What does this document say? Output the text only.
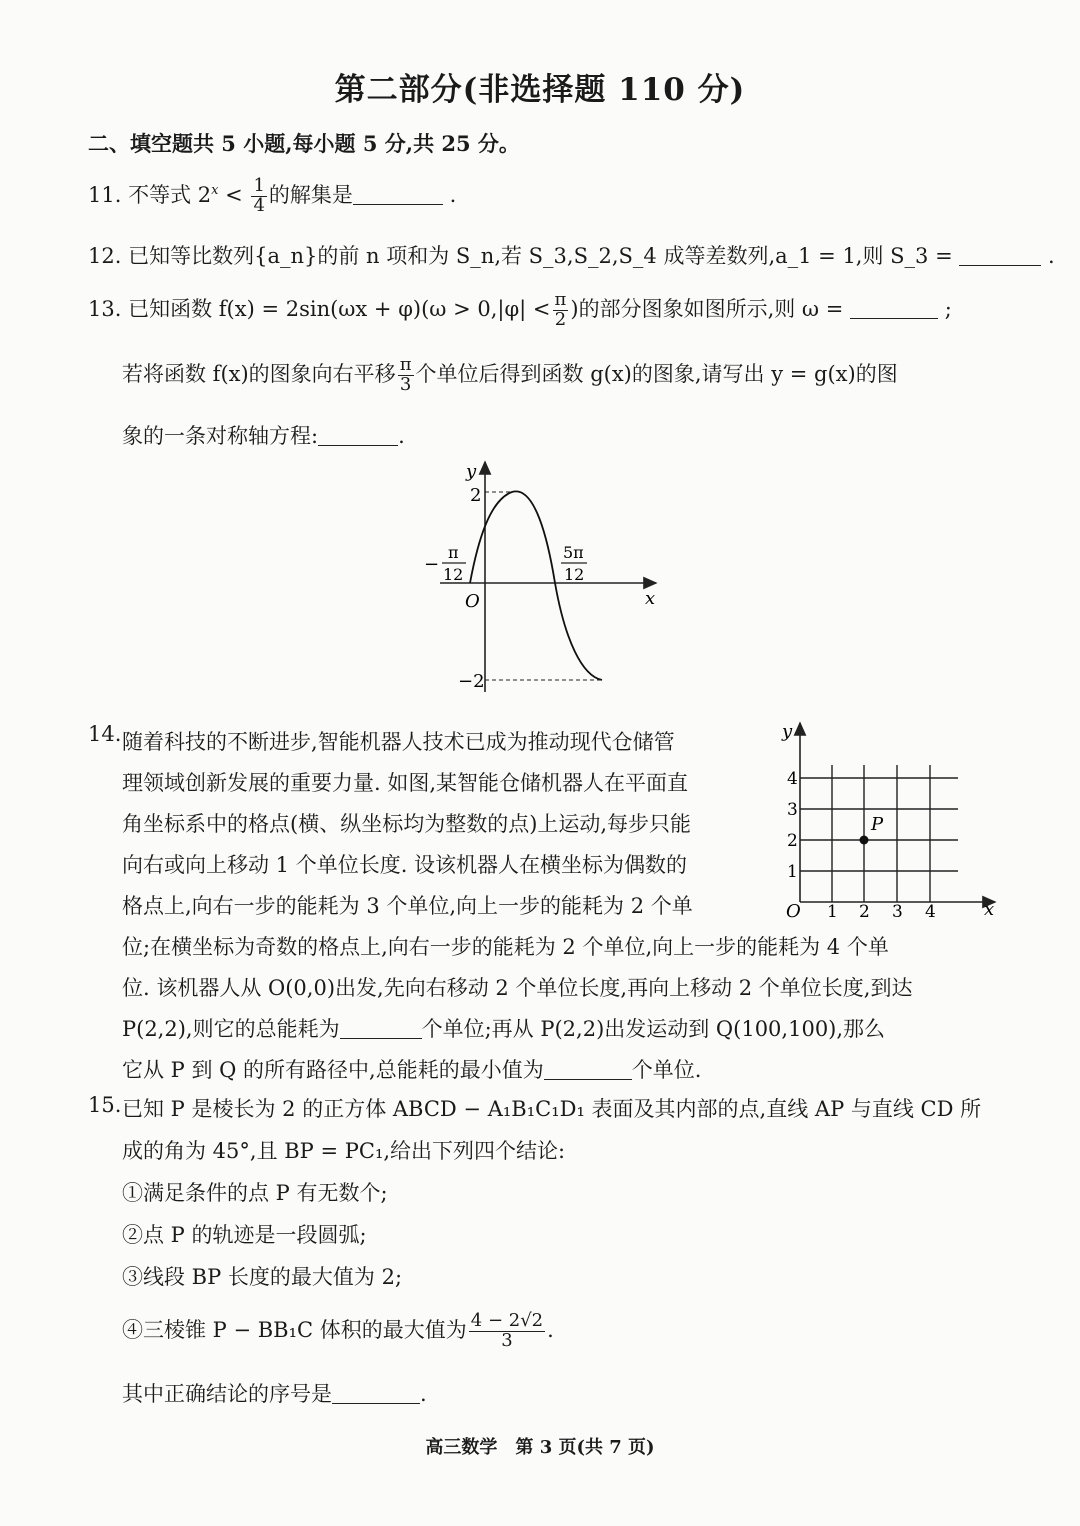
第二部分(非选择题 110 分)
二、填空题共 5 小题,每小题 5 分,共 25 分。
11. 不等式 $2^x < \frac{1}{4}$ 的解集是	.
12. 已知等比数列{a_n}的前 n 项和为 S_n,若 S_3,S_2,S_4 成等差数列,a_1 = 1,则 S_3 =	.
13. 已知函数 $f(x) = 2\sin(\omega x + \varphi)(\omega > 0,|\varphi| < \frac{\pi}{2}$ )的部分图象如图所示,则 ω =	;
若将函数 f(x)的图象向右平移 $\frac{\pi}{3}$ 个单位后得到函数 g(x)的图象,请写出 y = g(x)的图
象的一条对称轴方程:	.
y
x
O
2
−2
−
π
12
5π
12
14. 随着科技的不断进步,智能机器人技术已成为推动现代仓储管
理领域创新发展的重要力量. 如图,某智能仓储机器人在平面直
角坐标系中的格点(横、纵坐标均为整数的点)上运动,每步只能
向右或向上移动 1 个单位长度. 设该机器人在横坐标为偶数的
格点上,向右一步的能耗为 3 个单位,向上一步的能耗为 2 个单
位;在横坐标为奇数的格点上,向右一步的能耗为 2 个单位,向上一步的能耗为 4 个单
位. 该机器人从 O(0,0)出发,先向右移动 2 个单位长度,再向上移动 2 个单位长度,到达
P(2,2),则它的总能耗为	个单位;再从 P(2,2)出发运动到 Q(100,100),那么
它从 P 到 Q 的所有路径中,总能耗的最小值为	个单位.
P
y
x
O 1 2 3 4
1
2
3
4
15. 已知 P 是棱长为 2 的正方体 ABCD − A₁B₁C₁D₁ 表面及其内部的点,直线 AP 与直线 CD 所
成的角为 45°,且 BP = PC₁,给出下列四个结论:
①满足条件的点 P 有无数个;
②点 P 的轨迹是一段圆弧;
③线段 BP 长度的最大值为 2;
④三棱锥 P − BB₁C 体积的最大值为 $\frac{4 - 2√2}{3}$ .
其中正确结论的序号是	.
高三数学　第 3 页(共 7 页)
